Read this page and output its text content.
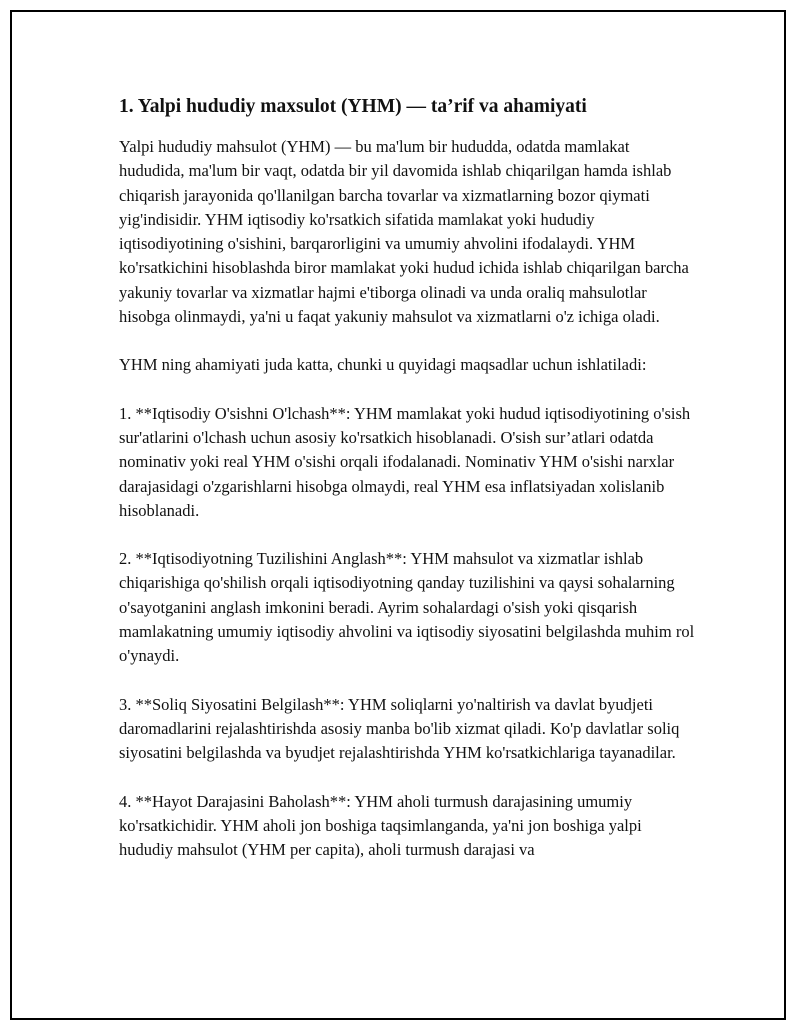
1. Yalpi hududiy maxsulot (YHM) — ta’rif va ahamiyati

Yalpi hududiy mahsulot (YHM) — bu ma'lum bir hududda, odatda mamlakat hududida, ma'lum bir vaqt, odatda bir yil davomida ishlab chiqarilgan hamda ishlab chiqarish jarayonida qo'llanilgan barcha tovarlar va xizmatlarning bozor qiymati yig'indisidir. YHM iqtisodiy ko'rsatkich sifatida mamlakat yoki hududiy iqtisodiyotining o'sishini, barqarorligini va umumiy ahvolini ifodalaydi. YHM ko'rsatkichini hisoblashda biror mamlakat yoki hudud ichida ishlab chiqarilgan barcha yakuniy tovarlar va xizmatlar hajmi e'tiborga olinadi va unda oraliq mahsulotlar hisobga olinmaydi, ya'ni u faqat yakuniy mahsulot va xizmatlarni o'z ichiga oladi.

YHM ning ahamiyati juda katta, chunki u quyidagi maqsadlar uchun ishlatiladi:

1. **Iqtisodiy O'sishni O'lchash**: YHM mamlakat yoki hudud iqtisodiyotining o'sish sur'atlarini o'lchash uchun asosiy ko'rsatkich hisoblanadi. O'sish sur’atlari odatda nominativ yoki real YHM o'sishi orqali ifodalanadi. Nominativ YHM o'sishi narxlar darajasidagi o'zgarishlarni hisobga olmaydi, real YHM esa inflatsiyadan xolislanib hisoblanadi.

2. **Iqtisodiyotning Tuzilishini Anglash**: YHM mahsulot va xizmatlar ishlab chiqarishiga qo'shilish orqali iqtisodiyotning qanday tuzilishini va qaysi sohalarning o'sayotganini anglash imkonini beradi. Ayrim sohalardagi o'sish yoki qisqarish mamlakatning umumiy iqtisodiy ahvolini va iqtisodiy siyosatini belgilashda muhim rol o'ynaydi.

3. **Soliq Siyosatini Belgilash**: YHM soliqlarni yo'naltirish va davlat byudjeti daromadlarini rejalashtirishda asosiy manba bo'lib xizmat qiladi. Ko'p davlatlar soliq siyosatini belgilashda va byudjet rejalashtirishda YHM ko'rsatkichlariga tayanadilar.

4. **Hayot Darajasini Baholash**: YHM aholi turmush darajasining umumiy ko'rsatkichidir. YHM aholi jon boshiga taqsimlanganda, ya'ni jon boshiga yalpi hududiy mahsulot (YHM per capita), aholi turmush darajasi va
